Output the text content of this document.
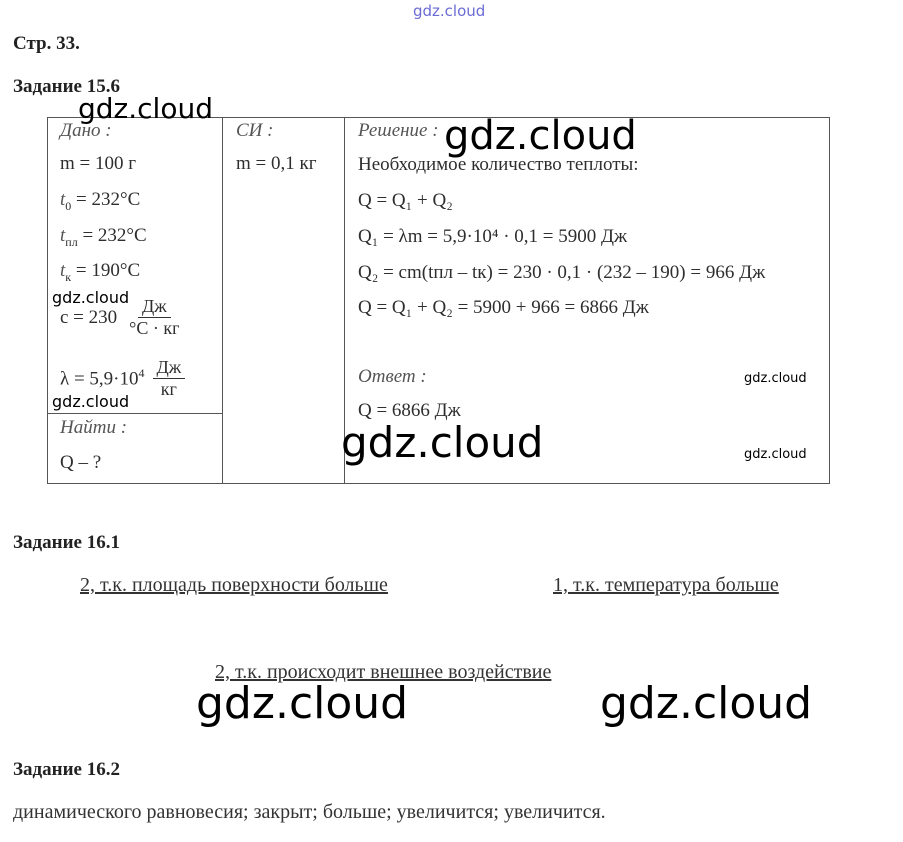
gdz.cloud
Стр. 33.
Задание 15.6
Дано :
m = 100 г
$t_0 = 232^\circ C$
$t_{пл} = 232^\circ C$
$t_к = 190^\circ C$
$c = 230 \frac{Дж}{^\circ C \cdot кг}$
$\lambda = 5,9\cdot 10^4 \frac{Дж}{кг}$
Найти :
Q – ?
СИ :
m = 0,1 кг
Решение :
Необходимое количество теплоты:
Q = Q₁ + Q₂
Q₁ = λm = 5,9·10⁴ · 0,1 = 5900 Дж
Q₂ = cm(tпл – tк) = 230 · 0,1 · (232 – 190) = 966 Дж
Q = Q₁ + Q₂ = 5900 + 966 = 6866 Дж
Ответ :
Q = 6866 Дж
gdz.cloud
gdz.cloud
gdz.cloud
gdz.cloud
gdz.cloud
gdz.cloud
gdz.cloud
Задание 16.1
2, т.к. площадь поверхности больше	1, т.к. температура больше
2, т.к. происходит внешнее воздействие
gdz.cloud	gdz.cloud
Задание 16.2
динамического равновесия; закрыт; больше; увеличится; увеличится.
